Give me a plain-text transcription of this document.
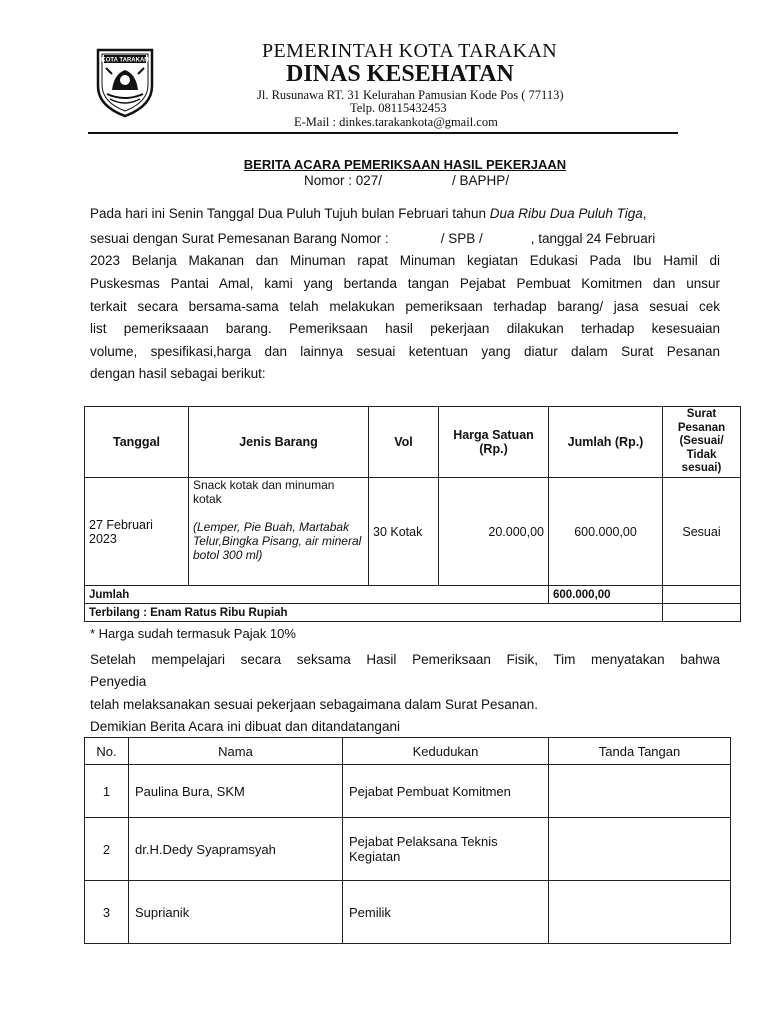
KOTA TARAKAN	PEMERINTAH KOTA TARAKAN
DINAS KESEHATAN
Jl. Rusunawa RT. 31 Kelurahan Pamusian Kode Pos ( 77113)
Telp. 08115432453
E-Mail : dinkes.tarakankota@gmail.com
BERITA ACARA PEMERIKSAAN HASIL PEKERJAAN
Nomor : 027/	/ BAPHP/
Pada hari ini Senin Tanggal Dua Puluh Tujuh bulan Februari tahun Dua Ribu Dua Puluh Tiga,
sesuai dengan Surat Pemesanan Barang Nomor :	/ SPB /	, tanggal 24 Februari
2023 Belanja Makanan dan Minuman rapat Minuman kegiatan Edukasi Pada Ibu Hamil di
Puskesmas Pantai Amal, kami yang bertanda tangan Pejabat Pembuat Komitmen dan unsur
terkait secara bersama-sama telah melakukan pemeriksaan terhadap barang/ jasa sesuai cek
list pemeriksaaan barang. Pemeriksaan hasil pekerjaan dilakukan terhadap kesesuaian
volume, spesifikasi,harga dan lainnya sesuai ketentuan yang diatur dalam Surat Pesanan
dengan hasil sebagai berikut:
Tanggal	Jenis Barang	Vol	Harga Satuan (Rp.)	Jumlah (Rp.)	Surat Pesanan (Sesuai/ Tidak sesuai)
27 Februari 2023	Snack kotak dan minuman kotak
(Lemper, Pie Buah, Martabak Telur,Bingka Pisang, air mineral botol 300 ml)	30 Kotak	20.000,00	600.000,00	Sesuai
Jumlah				600.000,00	
Terbilang : Enam Ratus Ribu Rupiah					
* Harga sudah termasuk Pajak 10%
Setelah mempelajari secara seksama Hasil Pemeriksaan Fisik, Tim menyatakan bahwa
Penyedia
telah melaksanakan sesuai pekerjaan sebagaimana dalam Surat Pesanan.
Demikian Berita Acara ini dibuat dan ditandatangani
No.	Nama	Kedudukan	Tanda Tangan
1	Paulina Bura, SKM	Pejabat Pembuat Komitmen	
2	dr.H.Dedy Syapramsyah	Pejabat Pelaksana Teknis Kegiatan	
3	Suprianik	Pemilik	
